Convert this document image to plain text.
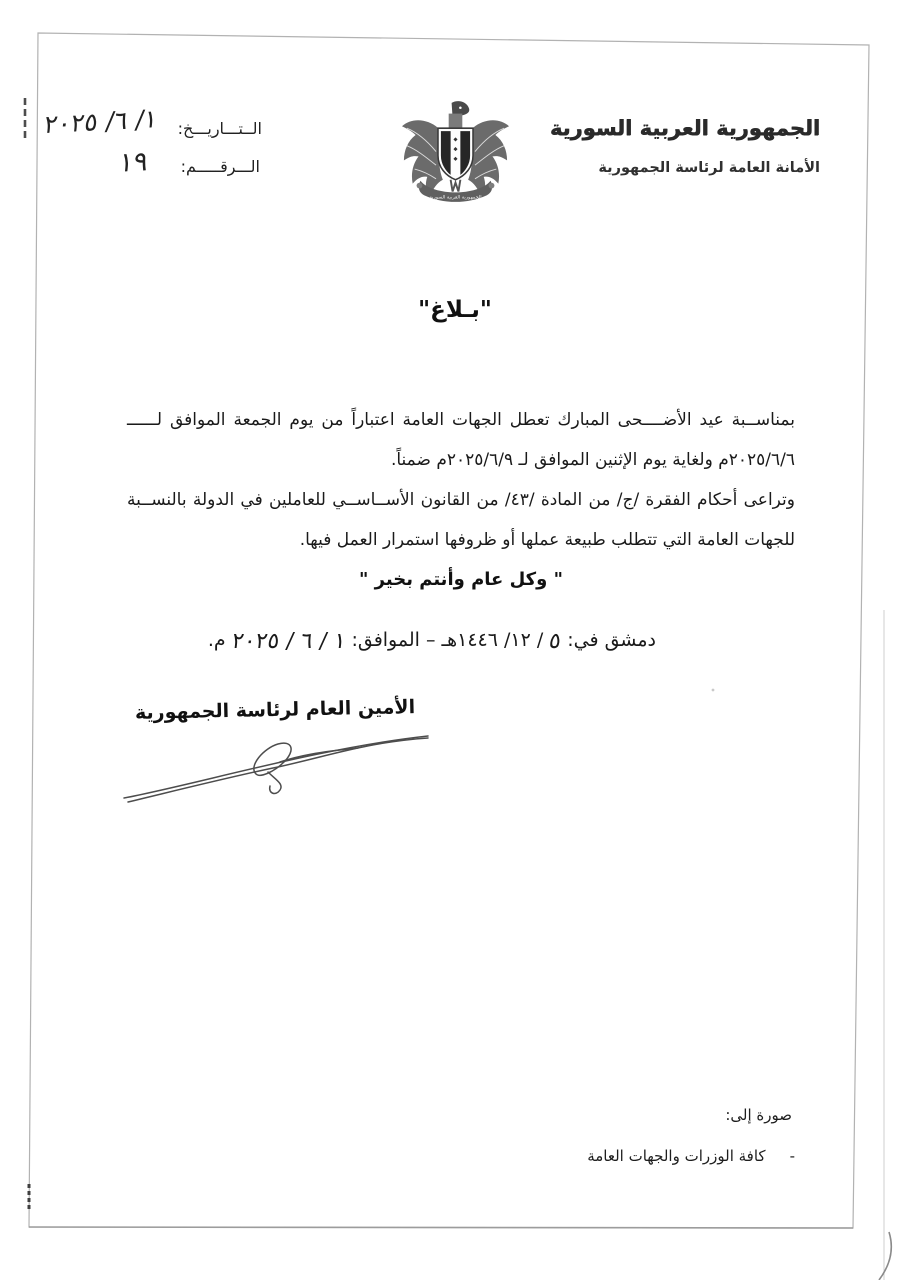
الجمهورية العربية السورية
الأمانة العامة لرئاسة الجمهورية
الجمهورية العربية السورية
الــتـــاريـــخ:
١/ ٦/ ٢٠٢٥
الـــرقـــــم:
١٩
"بـلاغ"
بمناســبة عيد الأضــــحى المبارك تعطل الجهات العامة اعتباراً من يوم الجمعة الموافق لــــــ
٢٠٢٥/٦/٦م ولغاية يوم الإثنين الموافق لـ ٢٠٢٥/٦/٩م ضمناً.
وتراعى أحكام الفقرة /ج/ من المادة /٤٣/ من القانون الأســاســي للعاملين في الدولة بالنســبة
للجهات العامة التي تتطلب طبيعة عملها أو ظروفها استمرار العمل فيها.
" وكل عام وأنتم بخير "
دمشق في: ٥ / ١٢/ ١٤٤٦هـ – الموافق: ١ / ٦ / ٢٠٢٥ م.
الأمين العام لرئاسة الجمهورية
صورة إلى:
-
كافة الوزرات والجهات العامة
